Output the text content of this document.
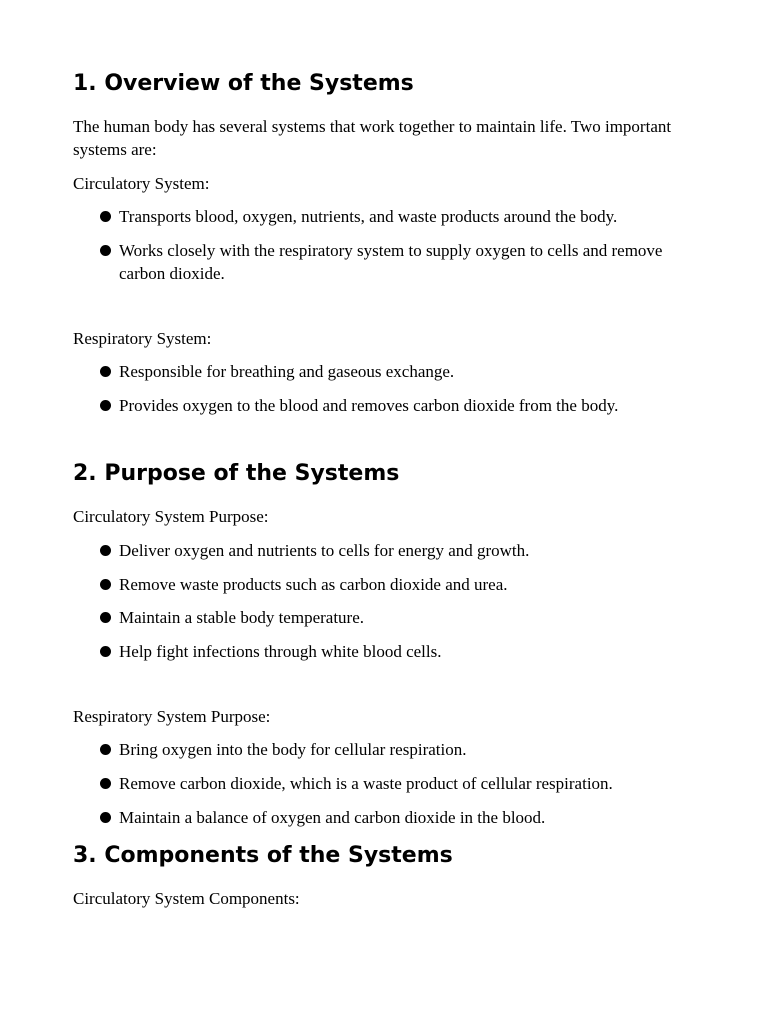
1. Overview of the Systems

The human body has several systems that work together to maintain life. Two important systems are:

Circulatory System:

Transports blood, oxygen, nutrients, and waste products around the body.
Works closely with the respiratory system to supply oxygen to cells and remove carbon dioxide.

Respiratory System:

Responsible for breathing and gaseous exchange.
Provides oxygen to the blood and removes carbon dioxide from the body.
2. Purpose of the Systems

Circulatory System Purpose:

Deliver oxygen and nutrients to cells for energy and growth.
Remove waste products such as carbon dioxide and urea.
Maintain a stable body temperature.
Help fight infections through white blood cells.

Respiratory System Purpose:

Bring oxygen into the body for cellular respiration.
Remove carbon dioxide, which is a waste product of cellular respiration.
Maintain a balance of oxygen and carbon dioxide in the blood.
3. Components of the Systems

Circulatory System Components:
